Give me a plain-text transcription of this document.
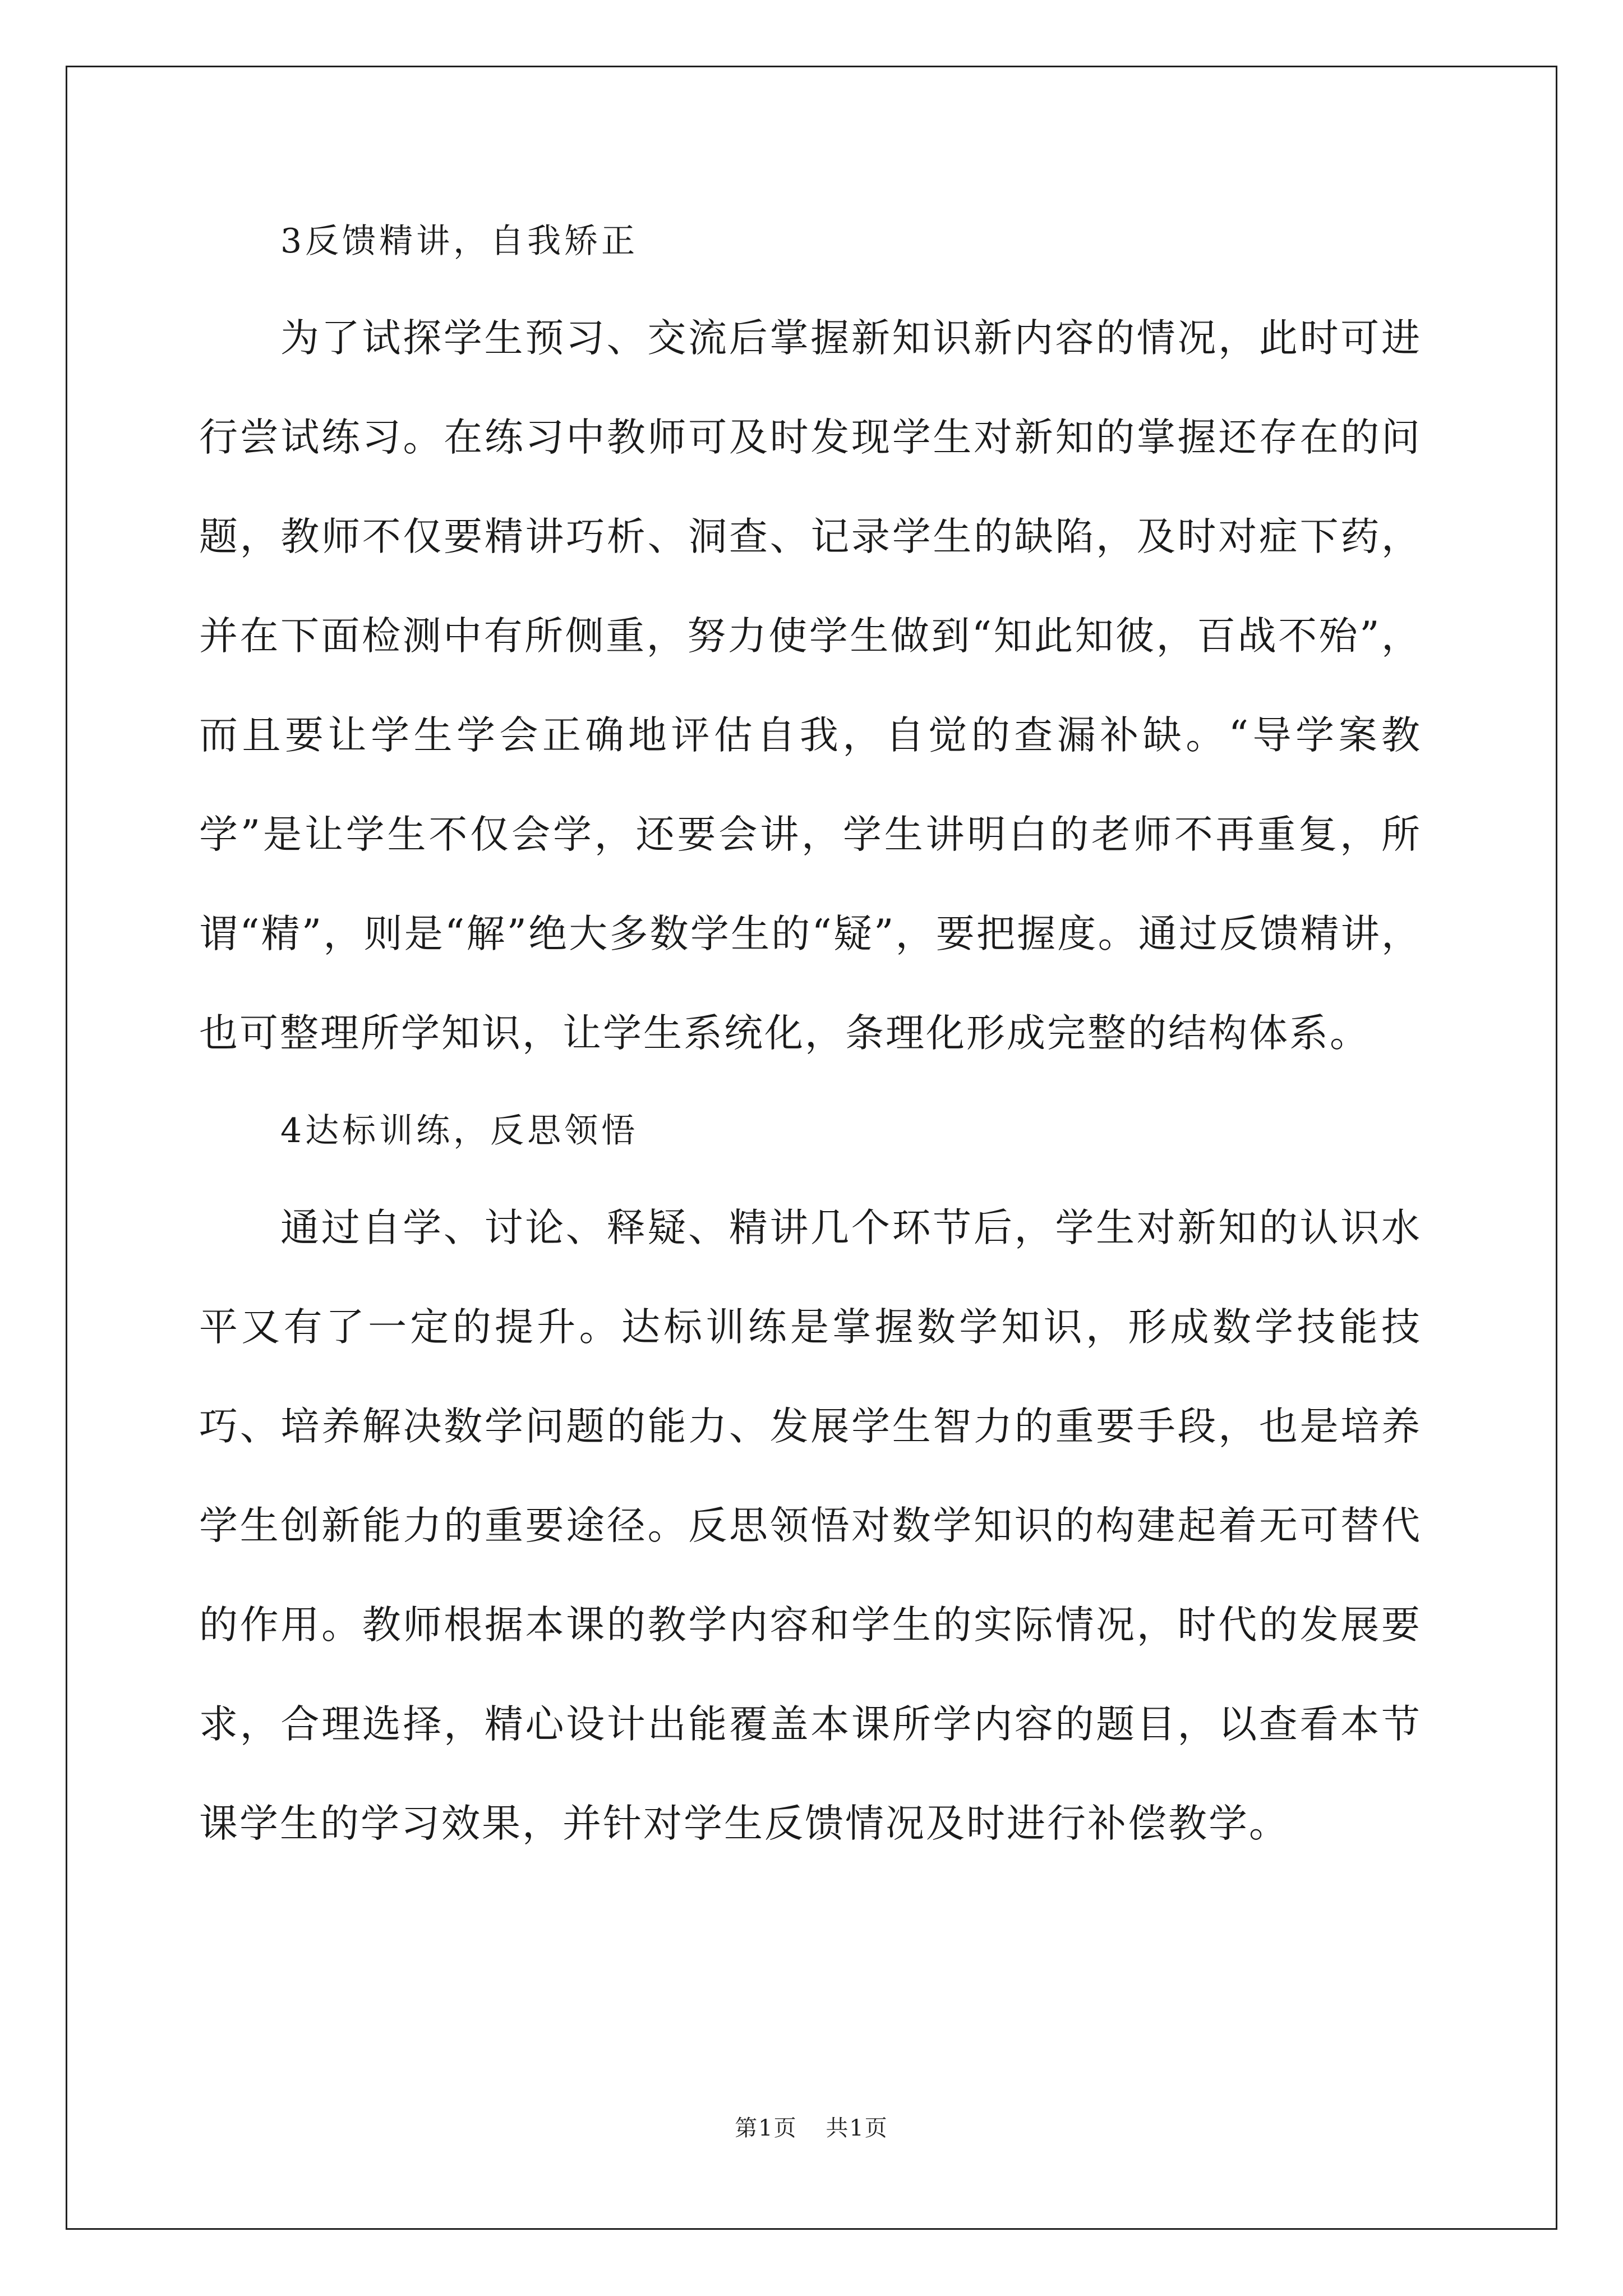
3反馈精讲，自我矫正

为了试探学生预习、交流后掌握新知识新内容的情况，此时可进行尝试练习。在练习中教师可及时发现学生对新知的掌握还存在的问题，教师不仅要精讲巧析、洞查、记录学生的缺陷，及时对症下药，并在下面检测中有所侧重，努力使学生做到“知此知彼，百战不殆”，而且要让学生学会正确地评估自我，自觉的查漏补缺。“导学案教学”是让学生不仅会学，还要会讲，学生讲明白的老师不再重复，所谓“精”，则是“解”绝大多数学生的“疑”，要把握度。通过反馈精讲，也可整理所学知识，让学生系统化，条理化形成完整的结构体系。

4达标训练，反思领悟

通过自学、讨论、释疑、精讲几个环节后，学生对新知的认识水平又有了一定的提升。达标训练是掌握数学知识，形成数学技能技巧、培养解决数学问题的能力、发展学生智力的重要手段，也是培养学生创新能力的重要途径。反思领悟对数学知识的构建起着无可替代的作用。教师根据本课的教学内容和学生的实际情况，时代的发展要求，合理选择，精心设计出能覆盖本课所学内容的题目，以查看本节课学生的学习效果，并针对学生反馈情况及时进行补偿教学。

第1页 共1页
